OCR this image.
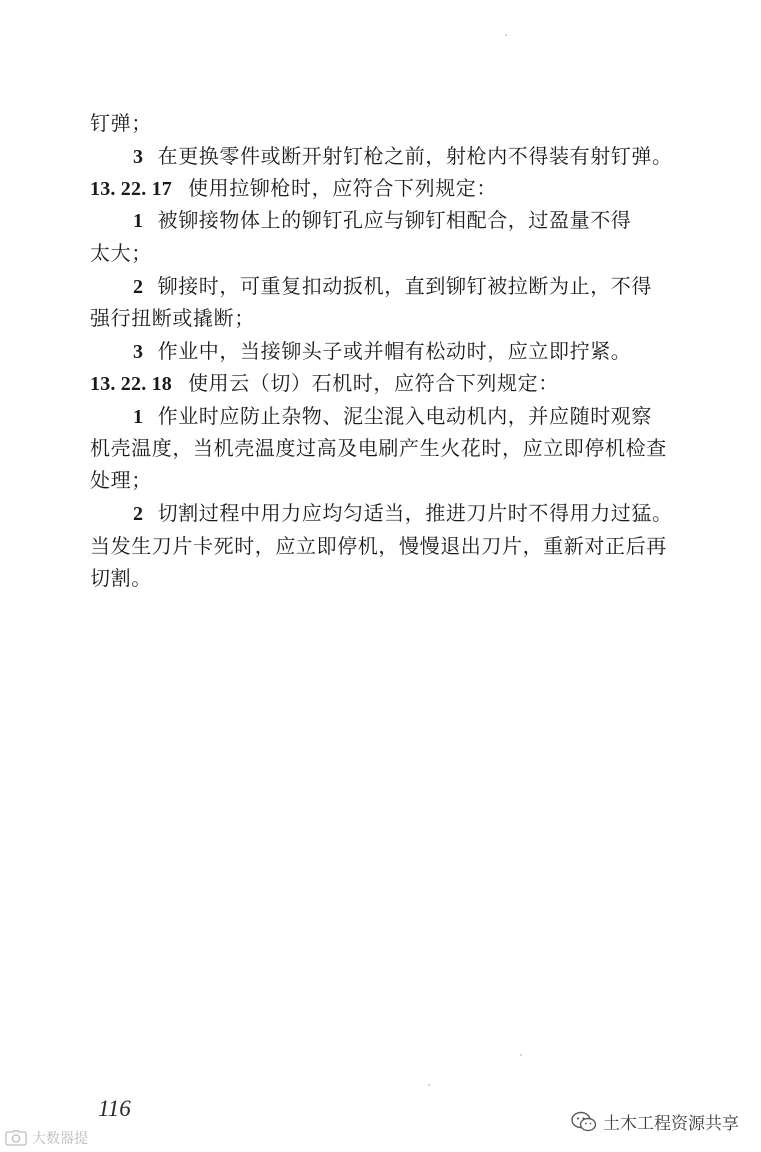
钉弹；
3 在更换零件或断开射钉枪之前，射枪内不得装有射钉弹。
13. 22. 17 使用拉铆枪时，应符合下列规定：
1 被铆接物体上的铆钉孔应与铆钉相配合，过盈量不得
太大；
2 铆接时，可重复扣动扳机，直到铆钉被拉断为止，不得
强行扭断或撬断；
3 作业中，当接铆头子或并帽有松动时，应立即拧紧。
13. 22. 18 使用云（切）石机时，应符合下列规定：
1 作业时应防止杂物、泥尘混入电动机内，并应随时观察
机壳温度，当机壳温度过高及电刷产生火花时，应立即停机检查
处理；
2 切割过程中用力应均匀适当，推进刀片时不得用力过猛。
当发生刀片卡死时，应立即停机，慢慢退出刀片，重新对正后再
切割。
116
土木工程资源共享
大数器提
